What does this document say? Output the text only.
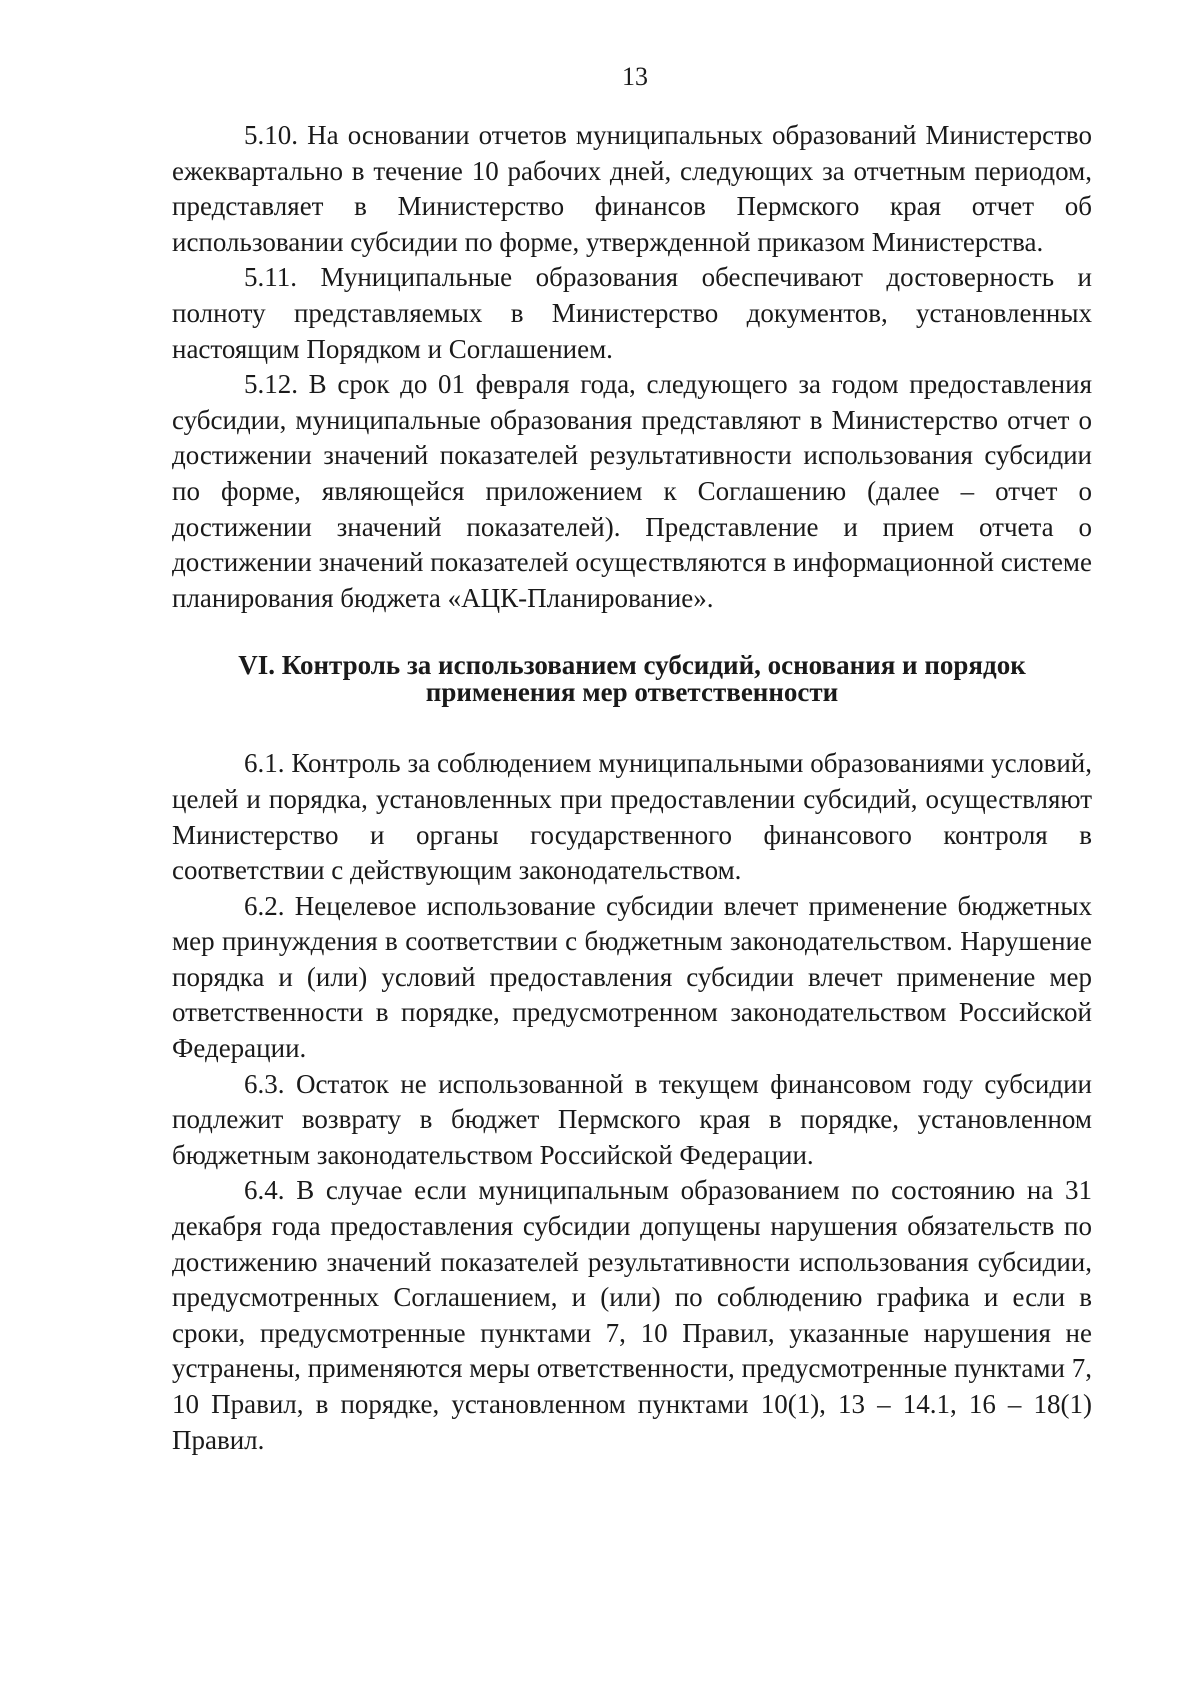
13

5.10. На основании отчетов муниципальных образований Министерство ежеквартально в течение 10 рабочих дней, следующих за отчетным периодом, представляет в Министерство финансов Пермского края отчет об использовании субсидии по форме, утвержденной приказом Министерства.

5.11. Муниципальные образования обеспечивают достоверность и полноту представляемых в Министерство документов, установленных настоящим Порядком и Соглашением.

5.12. В срок до 01 февраля года, следующего за годом предоставления субсидии, муниципальные образования представляют в Министерство отчет о достижении значений показателей результативности использования субсидии по форме, являющейся приложением к Соглашению (далее – отчет о достижении значений показателей). Представление и прием отчета о достижении значений показателей осуществляются в информационной системе планирования бюджета «АЦК-Планирование».

VI. Контроль за использованием субсидий, основания и порядок
применения мер ответственности

6.1. Контроль за соблюдением муниципальными образованиями условий, целей и порядка, установленных при предоставлении субсидий, осуществляют Министерство и органы государственного финансового контроля в соответствии с действующим законодательством.

6.2. Нецелевое использование субсидии влечет применение бюджетных мер принуждения в соответствии с бюджетным законодательством. Нарушение порядка и (или) условий предоставления субсидии влечет применение мер ответственности в порядке, предусмотренном законодательством Российской Федерации.

6.3. Остаток не использованной в текущем финансовом году субсидии подлежит возврату в бюджет Пермского края в порядке, установленном бюджетным законодательством Российской Федерации.

6.4. В случае если муниципальным образованием по состоянию на 31 декабря года предоставления субсидии допущены нарушения обязательств по достижению значений показателей результативности использования субсидии, предусмотренных Соглашением, и (или) по соблюдению графика и если в сроки, предусмотренные пунктами 7, 10 Правил, указанные нарушения не устранены, применяются меры ответственности, предусмотренные пунктами 7, 10 Правил, в порядке, установленном пунктами 10(1), 13 – 14.1, 16 – 18(1) Правил.
